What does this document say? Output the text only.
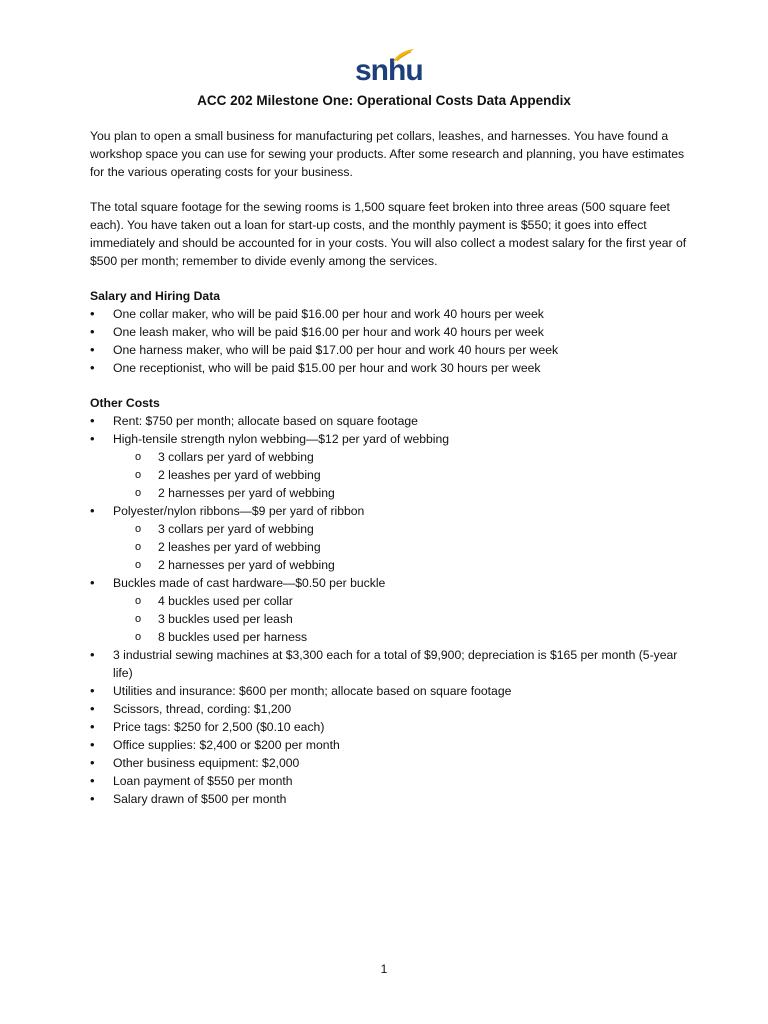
snhu
ACC 202 Milestone One: Operational Costs Data Appendix

You plan to open a small business for manufacturing pet collars, leashes, and harnesses. You have found a workshop space you can use for sewing your products. After some research and planning, you have estimates for the various operating costs for your business.

The total square footage for the sewing rooms is 1,500 square feet broken into three areas (500 square feet each). You have taken out a loan for start-up costs, and the monthly payment is $550; it goes into effect immediately and should be accounted for in your costs. You will also collect a modest salary for the first year of $500 per month; remember to divide evenly among the services.

Salary and Hiring Data
• One collar maker, who will be paid $16.00 per hour and work 40 hours per week
• One leash maker, who will be paid $16.00 per hour and work 40 hours per week
• One harness maker, who will be paid $17.00 per hour and work 40 hours per week
• One receptionist, who will be paid $15.00 per hour and work 30 hours per week
Other Costs
• Rent: $750 per month; allocate based on square footage
• High-tensile strength nylon webbing—$12 per yard of webbing
o 3 collars per yard of webbing
o 2 leashes per yard of webbing
o 2 harnesses per yard of webbing
• Polyester/nylon ribbons—$9 per yard of ribbon
o 3 collars per yard of webbing
o 2 leashes per yard of webbing
o 2 harnesses per yard of webbing
• Buckles made of cast hardware—$0.50 per buckle
o 4 buckles used per collar
o 3 buckles used per leash
o 8 buckles used per harness
• 3 industrial sewing machines at $3,300 each for a total of $9,900; depreciation is $165 per month (5-year life)
• Utilities and insurance: $600 per month; allocate based on square footage
• Scissors, thread, cording: $1,200
• Price tags: $250 for 2,500 ($0.10 each)
• Office supplies: $2,400 or $200 per month
• Other business equipment: $2,000
• Loan payment of $550 per month
• Salary drawn of $500 per month
1
